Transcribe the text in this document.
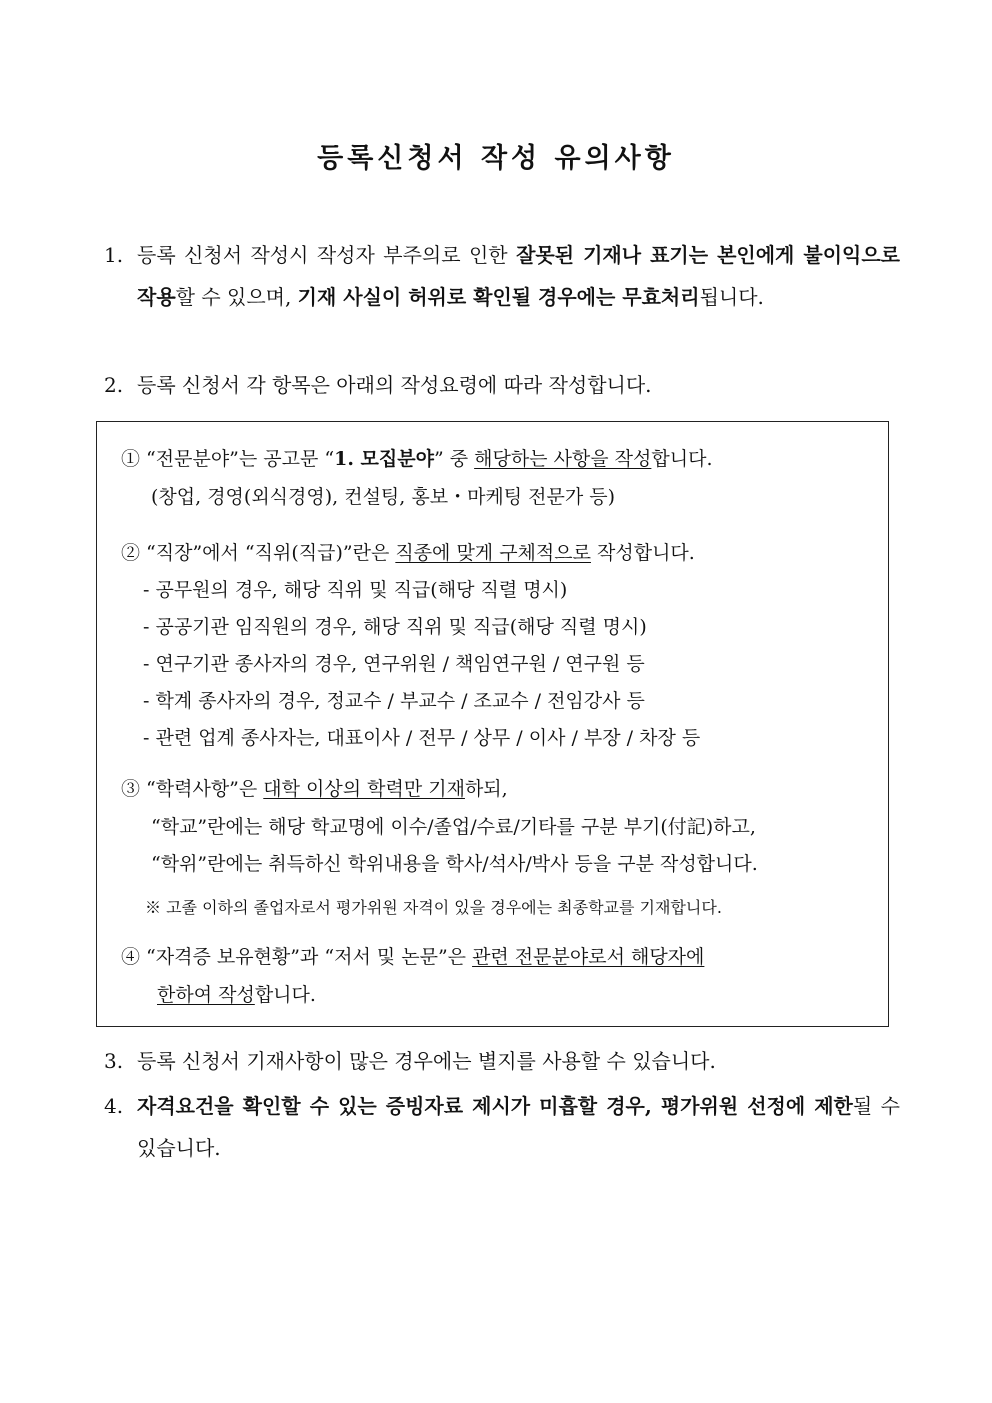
등록신청서 작성 유의사항
1. 등록 신청서 작성시 작성자 부주의로 인한 잘못된 기재나 표기는 본인에게 불이익으로 작용할 수 있으며, 기재 사실이 허위로 확인될 경우에는 무효처리됩니다.
2. 등록 신청서 각 항목은 아래의 작성요령에 따라 작성합니다.
① “전문분야”는 공고문 “1. 모집분야” 중 해당하는 사항을 작성합니다.
(창업, 경영(외식경영), 컨설팅, 홍보・마케팅 전문가 등)
② “직장”에서 “직위(직급)”란은 직종에 맞게 구체적으로 작성합니다.
- 공무원의 경우, 해당 직위 및 직급(해당 직렬 명시)
- 공공기관 임직원의 경우, 해당 직위 및 직급(해당 직렬 명시)
- 연구기관 종사자의 경우, 연구위원 / 책임연구원 / 연구원 등
- 학계 종사자의 경우, 정교수 / 부교수 / 조교수 / 전임강사 등
- 관련 업계 종사자는, 대표이사 / 전무 / 상무 / 이사 / 부장 / 차장 등
③ “학력사항”은 대학 이상의 학력만 기재하되,
“학교”란에는 해당 학교명에 이수/졸업/수료/기타를 구분 부기(付記)하고,
“학위”란에는 취득하신 학위내용을 학사/석사/박사 등을 구분 작성합니다.
※ 고졸 이하의 졸업자로서 평가위원 자격이 있을 경우에는 최종학교를 기재합니다.
④ “자격증 보유현황”과 “저서 및 논문”은 관련 전문분야로서 해당자에
한하여 작성합니다.
3. 등록 신청서 기재사항이 많은 경우에는 별지를 사용할 수 있습니다.
4. 자격요건을 확인할 수 있는 증빙자료 제시가 미흡할 경우, 평가위원 선정에 제한될 수 있습니다.
